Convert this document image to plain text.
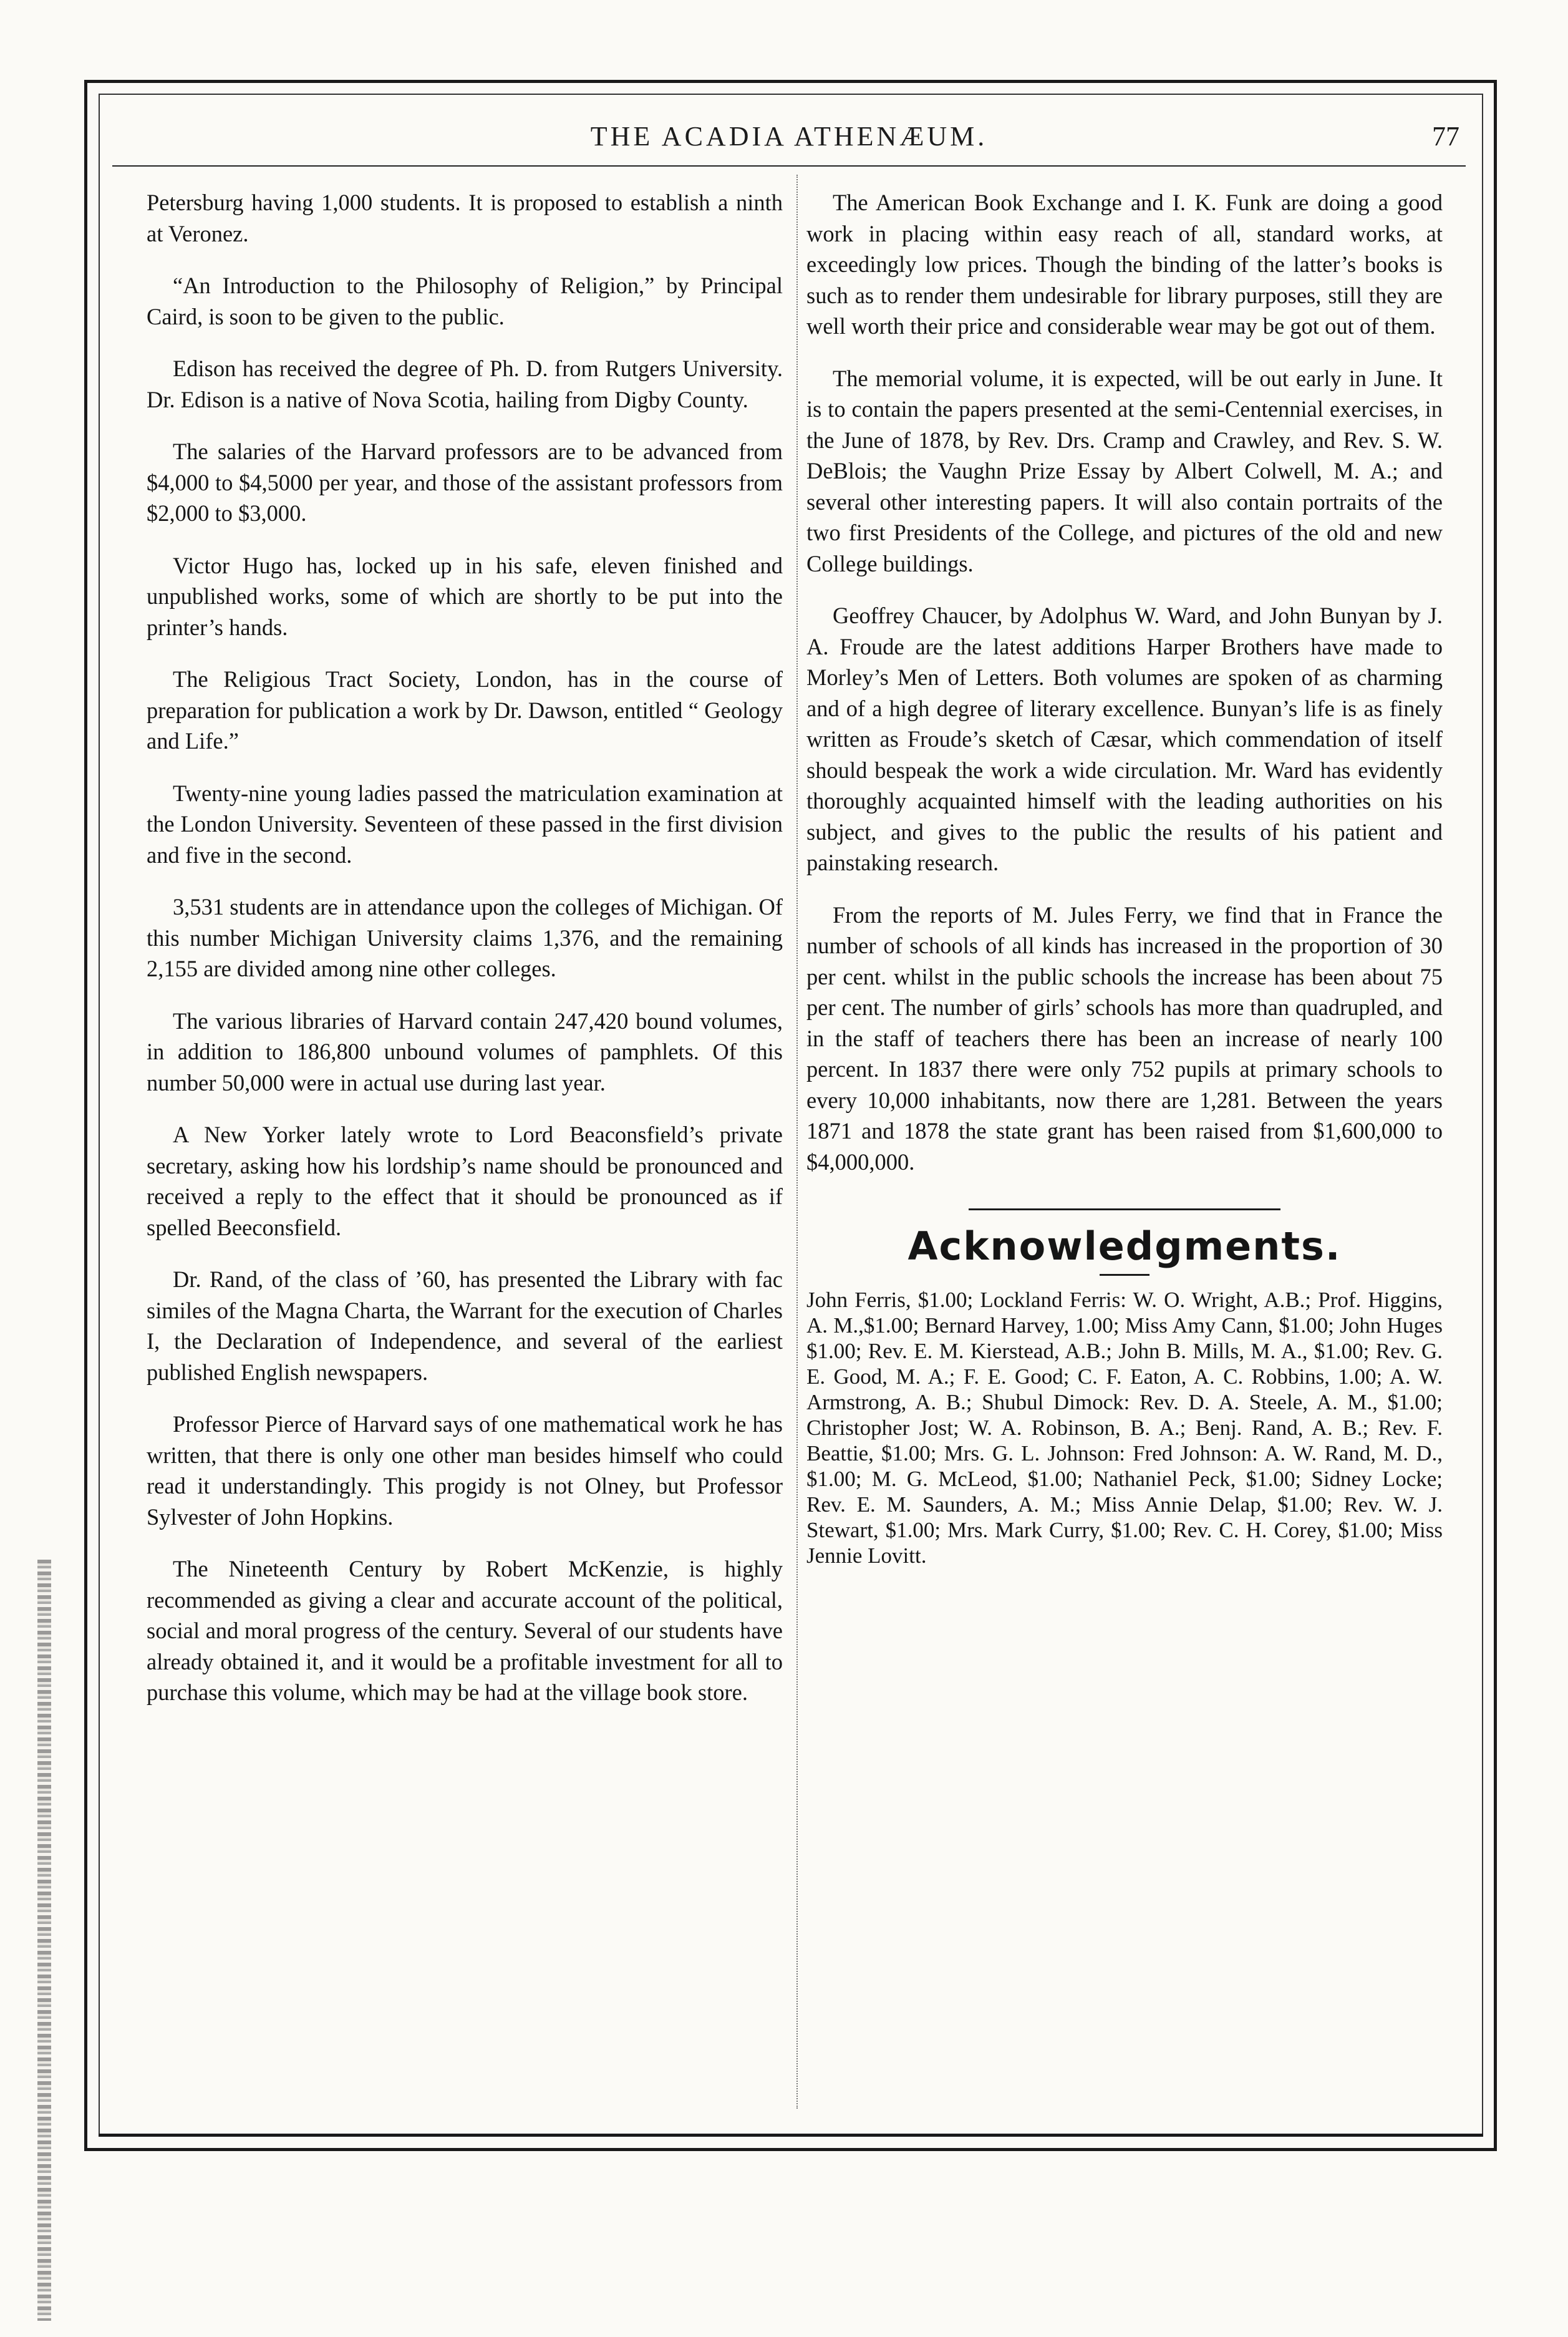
THE ACADIA ATHENÆUM.	77

Petersburg having 1,000 students. It is proposed to establish a ninth at Veronez.

“An Introduction to the Philosophy of Religion,” by Principal Caird, is soon to be given to the public.

Edison has received the degree of Ph. D. from Rutgers University. Dr. Edison is a native of Nova Scotia, hailing from Digby County.

The salaries of the Harvard professors are to be advanced from $4,000 to $4,5000 per year, and those of the assistant professors from $2,000 to $3,000.

Victor Hugo has, locked up in his safe, eleven finished and unpublished works, some of which are shortly to be put into the printer’s hands.

The Religious Tract Society, London, has in the course of preparation for publication a work by Dr. Dawson, entitled “ Geology and Life.”

Twenty-nine young ladies passed the matriculation examination at the London University. Seventeen of these passed in the first division and five in the second.

3,531 students are in attendance upon the colleges of Michigan. Of this number Michigan University claims 1,376, and the remaining 2,155 are divided among nine other colleges.

The various libraries of Harvard contain 247,420 bound volumes, in addition to 186,800 unbound volumes of pamphlets. Of this number 50,000 were in actual use during last year.

A New Yorker lately wrote to Lord Beaconsfield’s private secretary, asking how his lordship’s name should be pronounced and received a reply to the effect that it should be pronounced as if spelled Beeconsfield.

Dr. Rand, of the class of ’60, has presented the Library with fac similes of the Magna Charta, the Warrant for the execution of Charles I, the Declaration of Independence, and several of the earliest published English newspapers.

Professor Pierce of Harvard says of one mathematical work he has written, that there is only one other man besides himself who could read it understandingly. This progidy is not Olney, but Professor Sylvester of John Hopkins.

The Nineteenth Century by Robert McKenzie, is highly recommended as giving a clear and accurate account of the political, social and moral progress of the century. Several of our students have already obtained it, and it would be a profitable investment for all to purchase this volume, which may be had at the village book store.

The American Book Exchange and I. K. Funk are doing a good work in placing within easy reach of all, standard works, at exceedingly low prices. Though the binding of the latter’s books is such as to render them undesirable for library purposes, still they are well worth their price and considerable wear may be got out of them.

The memorial volume, it is expected, will be out early in June. It is to contain the papers presented at the semi-Centennial exercises, in the June of 1878, by Rev. Drs. Cramp and Crawley, and Rev. S. W. DeBlois; the Vaughn Prize Essay by Albert Colwell, M. A.; and several other interesting papers. It will also contain portraits of the two first Presidents of the College, and pictures of the old and new College buildings.

Geoffrey Chaucer, by Adolphus W. Ward, and John Bunyan by J. A. Froude are the latest additions Harper Brothers have made to Morley’s Men of Letters. Both volumes are spoken of as charming and of a high degree of literary excellence. Bunyan’s life is as finely written as Froude’s sketch of Cæsar, which commendation of itself should bespeak the work a wide circulation. Mr. Ward has evidently thoroughly acquainted himself with the leading authorities on his subject, and gives to the public the results of his patient and painstaking research.

From the reports of M. Jules Ferry, we find that in France the number of schools of all kinds has increased in the proportion of 30 per cent. whilst in the public schools the increase has been about 75 per cent. The number of girls’ schools has more than quadrupled, and in the staff of teachers there has been an increase of nearly 100 percent. In 1837 there were only 752 pupils at primary schools to every 10,000 inhabitants, now there are 1,281. Between the years 1871 and 1878 the state grant has been raised from $1,600,000 to $4,000,000.

Acknowledgments.

John Ferris, $1.00; Lockland Ferris: W. O. Wright, A.B.; Prof. Higgins, A. M.,$1.00; Bernard Harvey, 1.00; Miss Amy Cann, $1.00; John Huges $1.00; Rev. E. M. Kierstead, A.B.; John B. Mills, M. A., $1.00; Rev. G. E. Good, M. A.; F. E. Good; C. F. Eaton, A. C. Robbins, 1.00; A. W. Armstrong, A. B.; Shubul Dimock: Rev. D. A. Steele, A. M., $1.00; Christopher Jost; W. A. Robinson, B. A.; Benj. Rand, A. B.; Rev. F. Beattie, $1.00; Mrs. G. L. Johnson: Fred Johnson: A. W. Rand, M. D., $1.00; M. G. McLeod, $1.00; Nathaniel Peck, $1.00; Sidney Locke; Rev. E. M. Saunders, A. M.; Miss Annie Delap, $1.00; Rev. W. J. Stewart, $1.00; Mrs. Mark Curry, $1.00; Rev. C. H. Corey, $1.00; Miss Jennie Lovitt.
